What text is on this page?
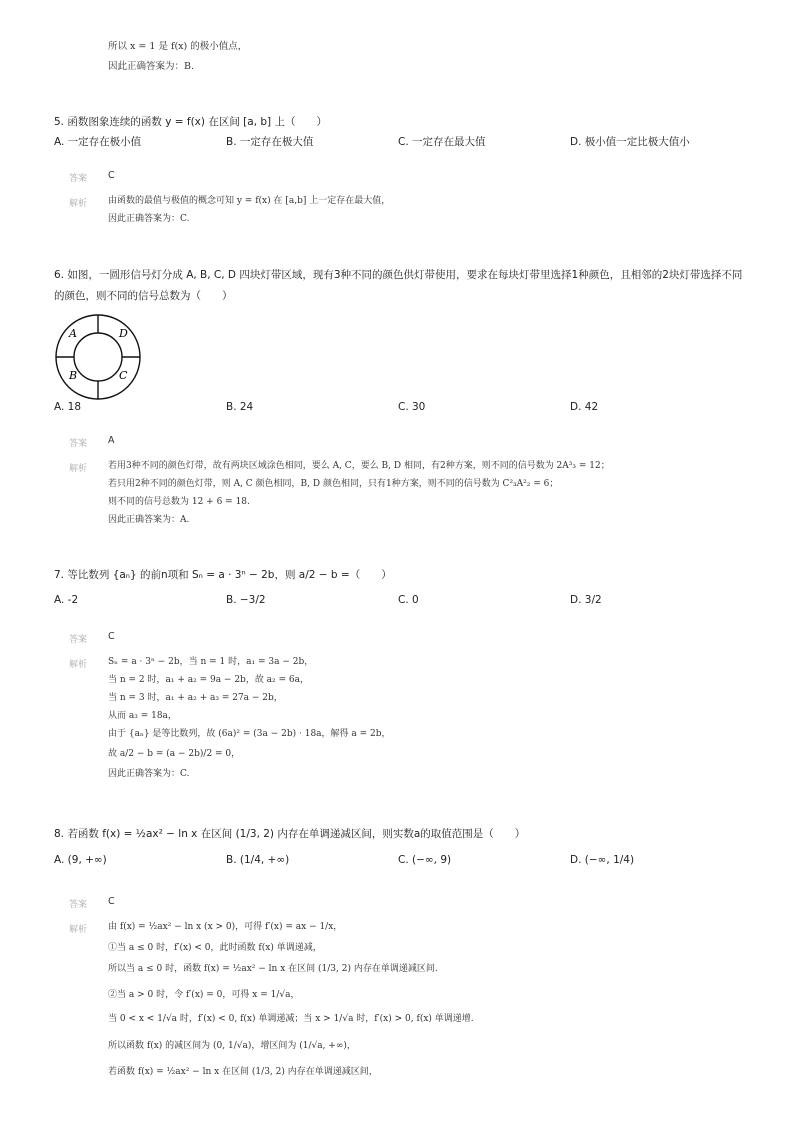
所以 x = 1 是 f(x) 的极小值点，
因此正确答案为：B.
5. 函数图象连续的函数 y = f(x) 在区间 [a, b] 上（　　）
A. 一定存在极小值	B. 一定存在极大值	C. 一定存在最大值	D. 极小值一定比极大值小
答案 C
解析 由函数的最值与极值的概念可知 y = f(x) 在 [a,b] 上一定存在最大值，
因此正确答案为：C.
6. 如图，一圆形信号灯分成 A, B, C, D 四块灯带区域，现有3种不同的颜色供灯带使用，要求在每块灯带里选择1种颜色，且相邻的2块灯带选择不同
的颜色，则不同的信号总数为（　　）
A	D
B	C
A. 18	B. 24	C. 30	D. 42
答案 A
解析 若用3种不同的颜色灯带，故有两块区域涂色相同，要么 A, C，要么 B, D 相同，有2种方案，则不同的信号数为 2A³₃ = 12；
若只用2种不同的颜色灯带，则 A, C 颜色相同，B, D 颜色相同，只有1种方案，则不同的信号数为 C²₃A²₂ = 6；
则不同的信号总数为 12 + 6 = 18.
因此正确答案为：A.
7. 等比数列 {aₙ} 的前n项和 Sₙ = a · 3ⁿ − 2b，则 a/2 − b =（　　）
A. -2	B. −3/2	C. 0	D. 3/2
答案 C
解析 Sₙ = a · 3ⁿ − 2b，当 n = 1 时，a₁ = 3a − 2b，
当 n = 2 时，a₁ + a₂ = 9a − 2b，故 a₂ = 6a，
当 n = 3 时，a₁ + a₂ + a₃ = 27a − 2b，
从而 a₃ = 18a，
由于 {aₙ} 是等比数列，故 (6a)² = (3a − 2b) · 18a，解得 a = 2b，
故 a/2 − b = (a − 2b)/2 = 0，
因此正确答案为：C.
8. 若函数 f(x) = ½ax² − ln x 在区间 (1/3, 2) 内存在单调递减区间，则实数a的取值范围是（　　）
A. (9, +∞)	B. (1/4, +∞)	C. (−∞, 9)	D. (−∞, 1/4)
答案 C
解析 由 f(x) = ½ax² − ln x (x > 0)，可得 f′(x) = ax − 1/x，
①当 a ≤ 0 时，f′(x) < 0，此时函数 f(x) 单调递减，
所以当 a ≤ 0 时，函数 f(x) = ½ax² − ln x 在区间 (1/3, 2) 内存在单调递减区间.
②当 a > 0 时，令 f′(x) = 0，可得 x = 1/√a，
当 0 < x < 1/√a 时，f′(x) < 0, f(x) 单调递减；当 x > 1/√a 时，f′(x) > 0, f(x) 单调递增.
所以函数 f(x) 的减区间为 (0, 1/√a)，增区间为 (1/√a, +∞)，
若函数 f(x) = ½ax² − ln x 在区间 (1/3, 2) 内存在单调递减区间，
